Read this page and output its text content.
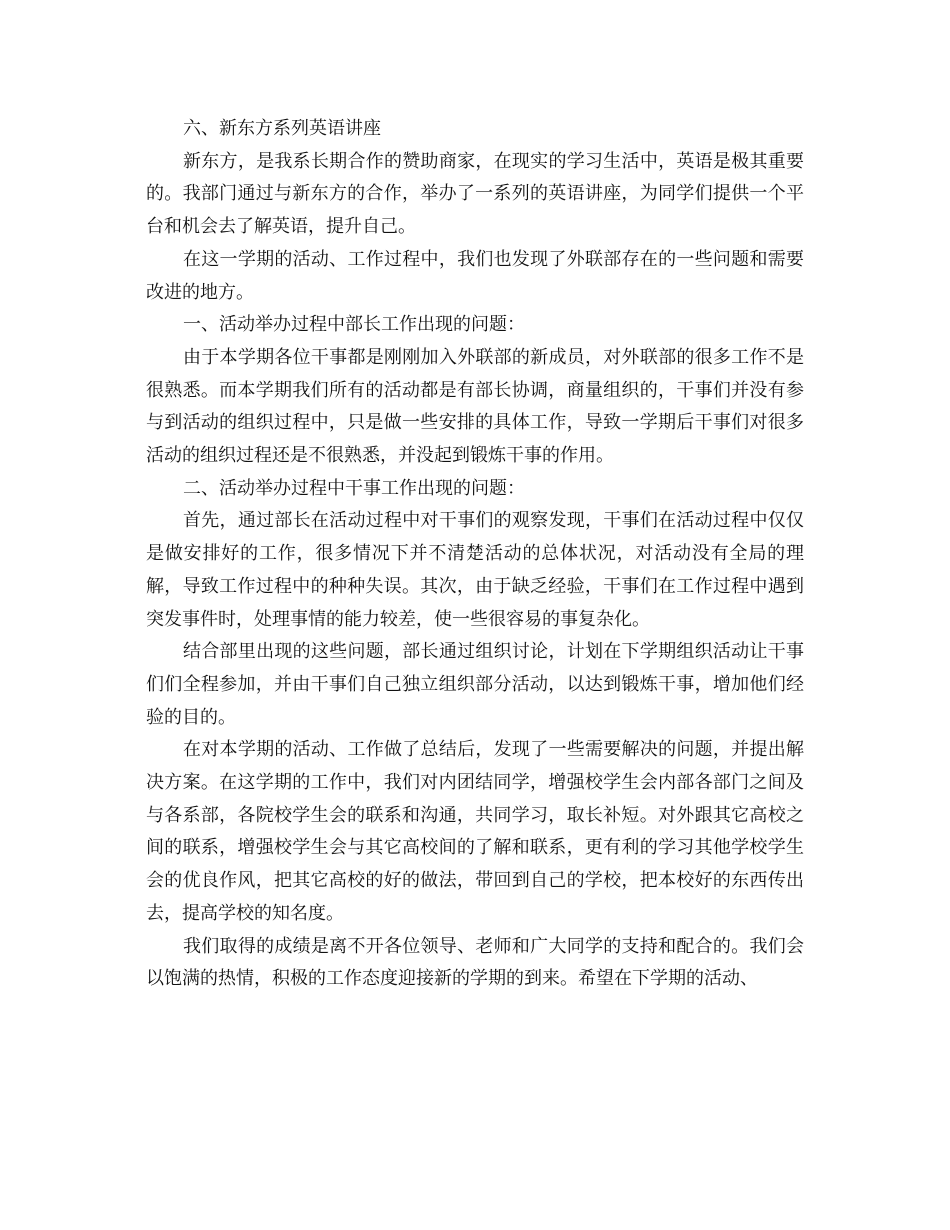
六、新东方系列英语讲座

新东方，是我系长期合作的赞助商家，在现实的学习生活中，英语是极其重要的。我部门通过与新东方的合作，举办了一系列的英语讲座，为同学们提供一个平台和机会去了解英语，提升自己。

在这一学期的活动、工作过程中，我们也发现了外联部存在的一些问题和需要改进的地方。

一、活动举办过程中部长工作出现的问题：

由于本学期各位干事都是刚刚加入外联部的新成员，对外联部的很多工作不是很熟悉。而本学期我们所有的活动都是有部长协调，商量组织的，干事们并没有参与到活动的组织过程中，只是做一些安排的具体工作，导致一学期后干事们对很多活动的组织过程还是不很熟悉，并没起到锻炼干事的作用。

二、活动举办过程中干事工作出现的问题：

首先，通过部长在活动过程中对干事们的观察发现，干事们在活动过程中仅仅是做安排好的工作，很多情况下并不清楚活动的总体状况，对活动没有全局的理解，导致工作过程中的种种失误。其次，由于缺乏经验，干事们在工作过程中遇到突发事件时，处理事情的能力较差，使一些很容易的事复杂化。

结合部里出现的这些问题，部长通过组织讨论，计划在下学期组织活动让干事们们全程参加，并由干事们自己独立组织部分活动，以达到锻炼干事，增加他们经验的目的。

在对本学期的活动、工作做了总结后，发现了一些需要解决的问题，并提出解决方案。在这学期的工作中，我们对内团结同学，增强校学生会内部各部门之间及与各系部，各院校学生会的联系和沟通，共同学习，取长补短。对外跟其它高校之间的联系，增强校学生会与其它高校间的了解和联系，更有利的学习其他学校学生会的优良作风，把其它高校的好的做法，带回到自己的学校，把本校好的东西传出去，提高学校的知名度。

我们取得的成绩是离不开各位领导、老师和广大同学的支持和配合的。我们会以饱满的热情，积极的工作态度迎接新的学期的到来。希望在下学期的活动、
